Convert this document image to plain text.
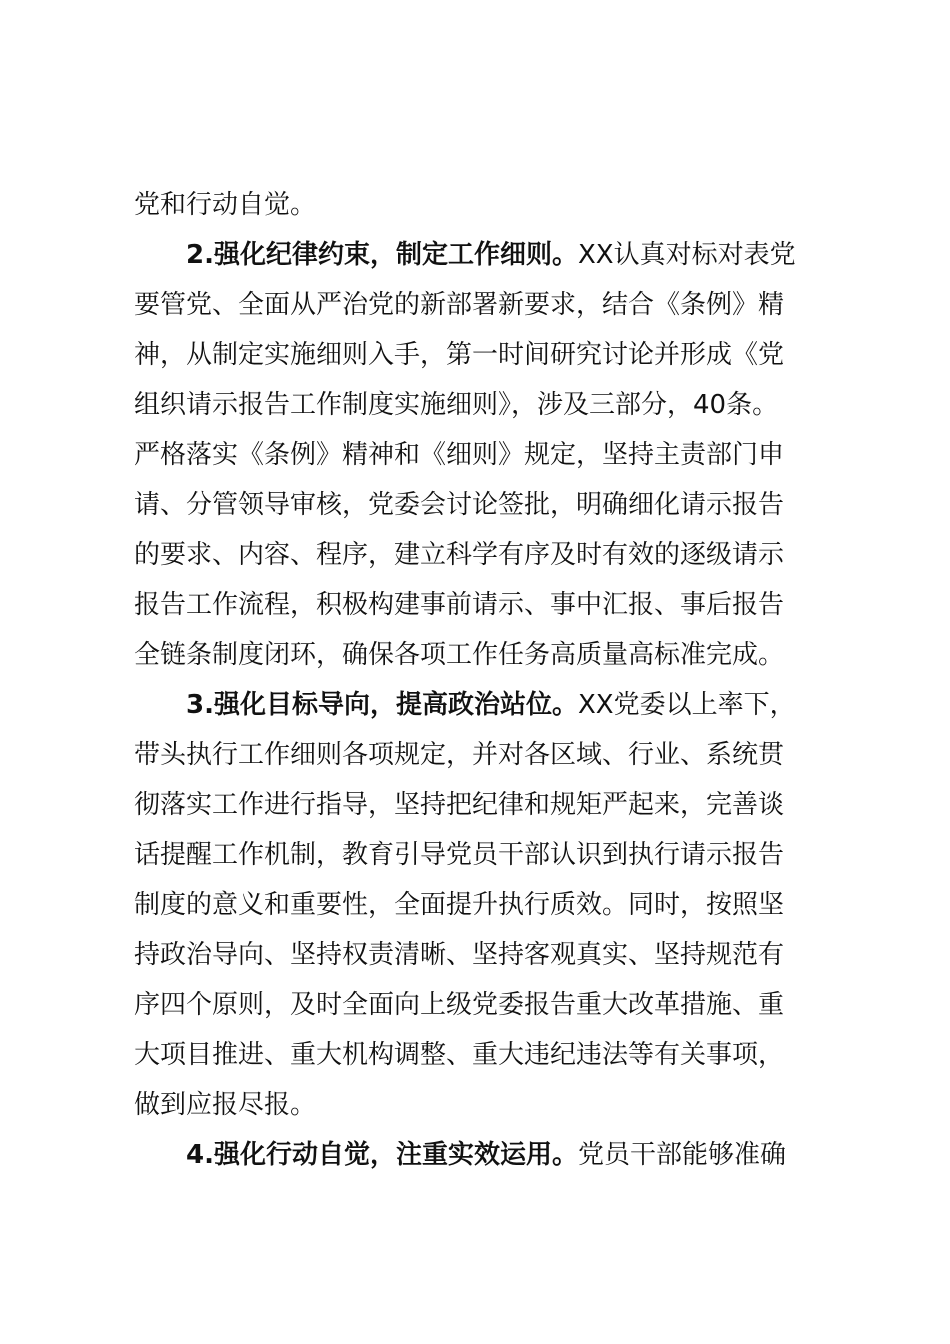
党和行动自觉。
2.强化纪律约束，制定工作细则。XX认真对标对表党
要管党、全面从严治党的新部署新要求，结合《条例》精
神，从制定实施细则入手，第一时间研究讨论并形成《党
组织请示报告工作制度实施细则》，涉及三部分，40条。
严格落实《条例》精神和《细则》规定，坚持主责部门申
请、分管领导审核，党委会讨论签批，明确细化请示报告
的要求、内容、程序，建立科学有序及时有效的逐级请示
报告工作流程，积极构建事前请示、事中汇报、事后报告
全链条制度闭环，确保各项工作任务高质量高标准完成。
3.强化目标导向，提高政治站位。XX党委以上率下，
带头执行工作细则各项规定，并对各区域、行业、系统贯
彻落实工作进行指导，坚持把纪律和规矩严起来，完善谈
话提醒工作机制，教育引导党员干部认识到执行请示报告
制度的意义和重要性，全面提升执行质效。同时，按照坚
持政治导向、坚持权责清晰、坚持客观真实、坚持规范有
序四个原则，及时全面向上级党委报告重大改革措施、重
大项目推进、重大机构调整、重大违纪违法等有关事项，
做到应报尽报。
4.强化行动自觉，注重实效运用。党员干部能够准确
